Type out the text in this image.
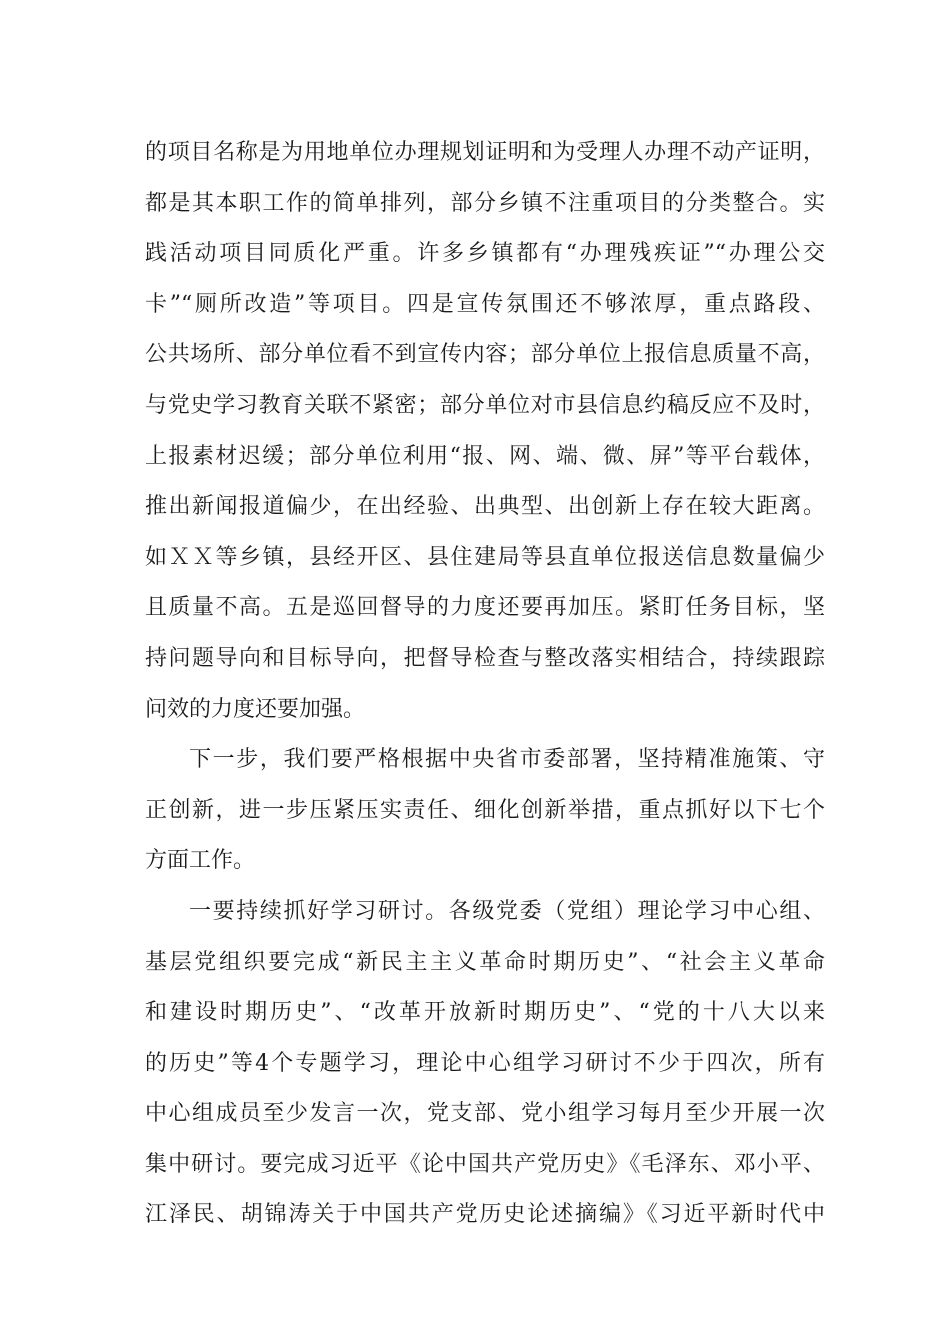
的项目名称是为用地单位办理规划证明和为受理人办理不动产证明，
都是其本职工作的简单排列，部分乡镇不注重项目的分类整合。实
践活动项目同质化严重。许多乡镇都有“办理残疾证”“办理公交
卡”“厕所改造”等项目。四是宣传氛围还不够浓厚，重点路段、
公共场所、部分单位看不到宣传内容；部分单位上报信息质量不高，
与党史学习教育关联不紧密；部分单位对市县信息约稿反应不及时，
上报素材迟缓；部分单位利用“报、网、端、微、屏”等平台载体，
推出新闻报道偏少，在出经验、出典型、出创新上存在较大距离。
如ＸＸ等乡镇，县经开区、县住建局等县直单位报送信息数量偏少
且质量不高。五是巡回督导的力度还要再加压。紧盯任务目标，坚
持问题导向和目标导向，把督导检查与整改落实相结合，持续跟踪
问效的力度还要加强。
下一步，我们要严格根据中央省市委部署，坚持精准施策、守
正创新，进一步压紧压实责任、细化创新举措，重点抓好以下七个
方面工作。
一要持续抓好学习研讨。各级党委（党组）理论学习中心组、
基层党组织要完成“新民主主义革命时期历史”、“社会主义革命
和建设时期历史”、“改革开放新时期历史”、“党的十八大以来
的历史”等4个专题学习，理论中心组学习研讨不少于四次，所有
中心组成员至少发言一次，党支部、党小组学习每月至少开展一次
集中研讨。要完成习近平《论中国共产党历史》《毛泽东、邓小平、
江泽民、胡锦涛关于中国共产党历史论述摘编》《习近平新时代中
